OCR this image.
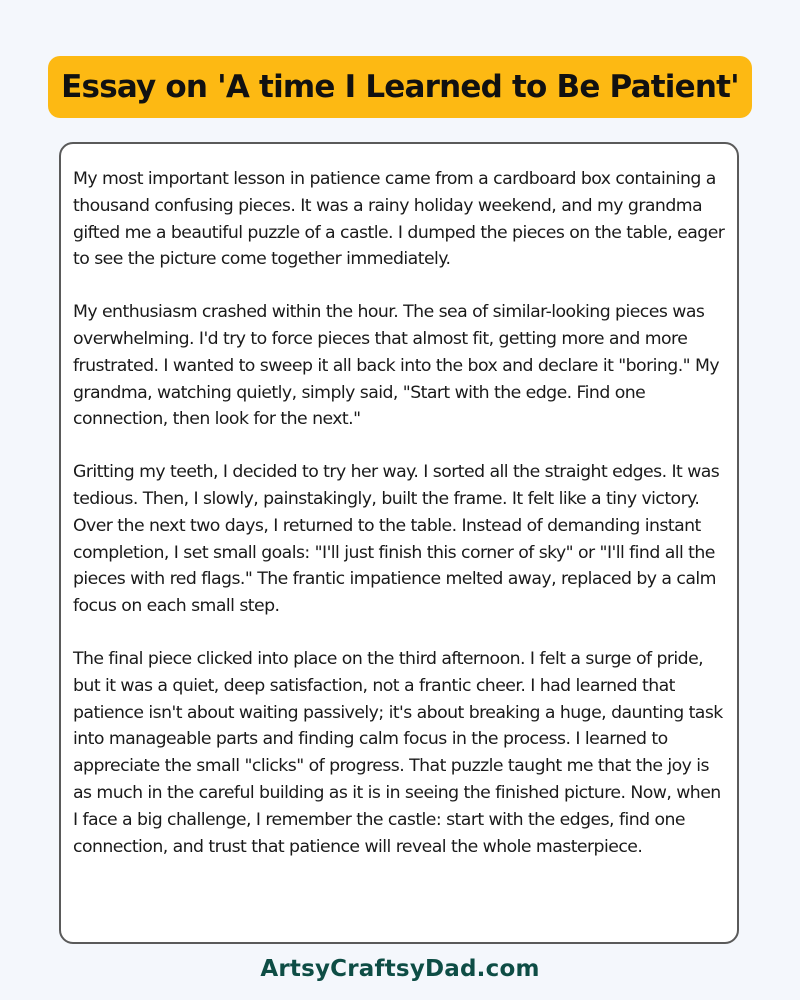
Essay on 'A time I Learned to Be Patient'

My most important lesson in patience came from a cardboard box containing a thousand confusing pieces. It was a rainy holiday weekend, and my grandma gifted me a beautiful puzzle of a castle. I dumped the pieces on the table, eager to see the picture come together immediately.

My enthusiasm crashed within the hour. The sea of similar-looking pieces was overwhelming. I'd try to force pieces that almost fit, getting more and more frustrated. I wanted to sweep it all back into the box and declare it "boring." My grandma, watching quietly, simply said, "Start with the edge. Find one connection, then look for the next."

Gritting my teeth, I decided to try her way. I sorted all the straight edges. It was tedious. Then, I slowly, painstakingly, built the frame. It felt like a tiny victory. Over the next two days, I returned to the table. Instead of demanding instant completion, I set small goals: "I'll just finish this corner of sky" or "I'll find all the pieces with red flags." The frantic impatience melted away, replaced by a calm focus on each small step.

The final piece clicked into place on the third afternoon. I felt a surge of pride, but it was a quiet, deep satisfaction, not a frantic cheer. I had learned that patience isn't about waiting passively; it's about breaking a huge, daunting task into manageable parts and finding calm focus in the process. I learned to appreciate the small "clicks" of progress. That puzzle taught me that the joy is as much in the careful building as it is in seeing the finished picture. Now, when I face a big challenge, I remember the castle: start with the edges, find one connection, and trust that patience will reveal the whole masterpiece.

ArtsyCraftsyDad.com
